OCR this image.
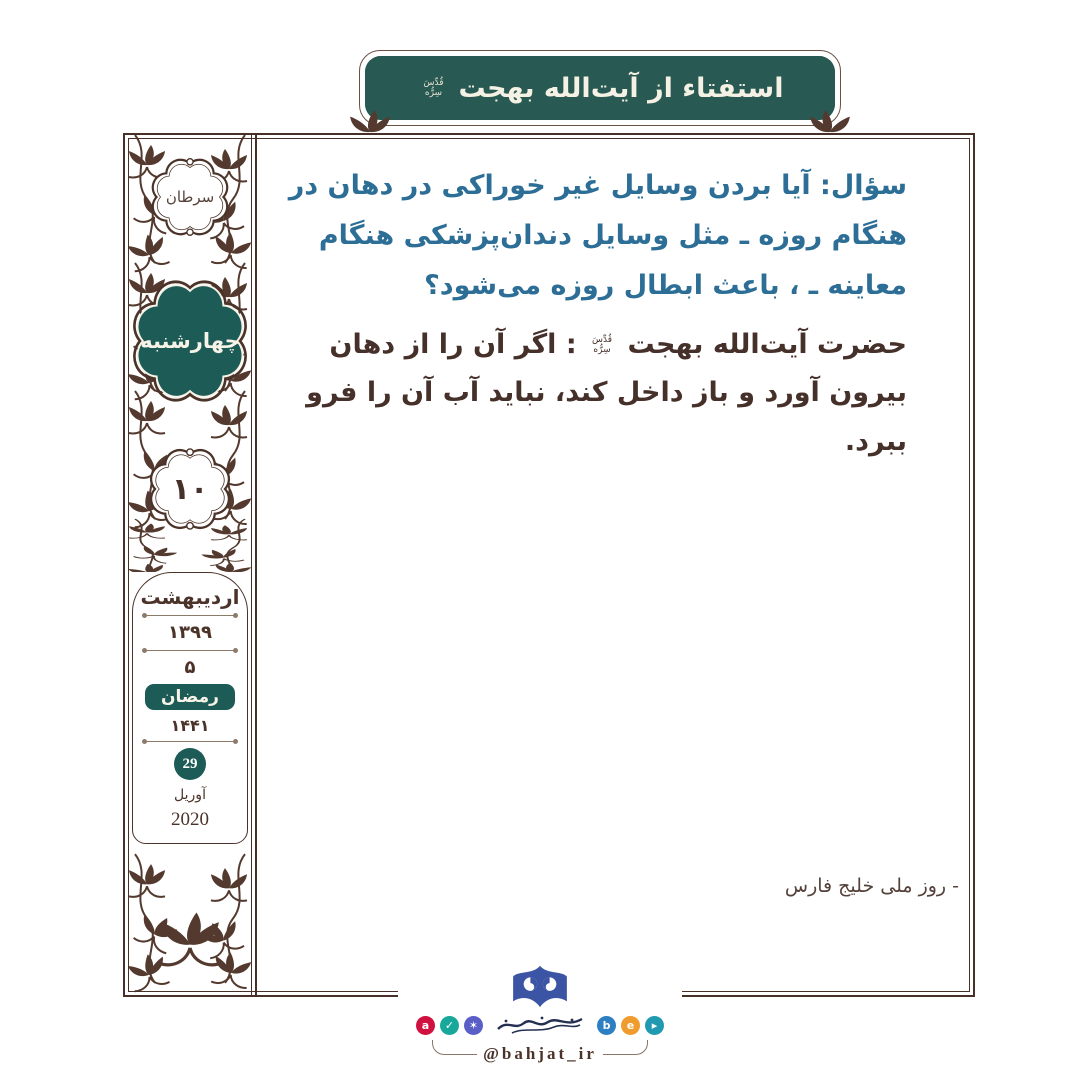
استفتاء از آیت‌الله بهجت
قُدِّسَ سِرُّه
سرطان
چهارشنبه
۱۰
اردیبهشت
۱۳۹۹
۵
رمضان
۱۴۴۱
29
آوریل
2020

سؤال: آیا بردن وسایل غیر خوراکی در دهان در هنگام روزه ـ مثل وسایل دندان‌پزشکی هنگام معاینه ـ ، باعث ابطال روزه می‌شود؟

حضرت آیت‌الله بهجت قُدِّسَ سِرُّه : اگر آن را از دهان بیرون آورد و باز داخل کند، نباید آب آن را فرو ببرد.

- روز ملی خلیج فارس
a	✓	✶	b	e	▸
@bahjat_ir
